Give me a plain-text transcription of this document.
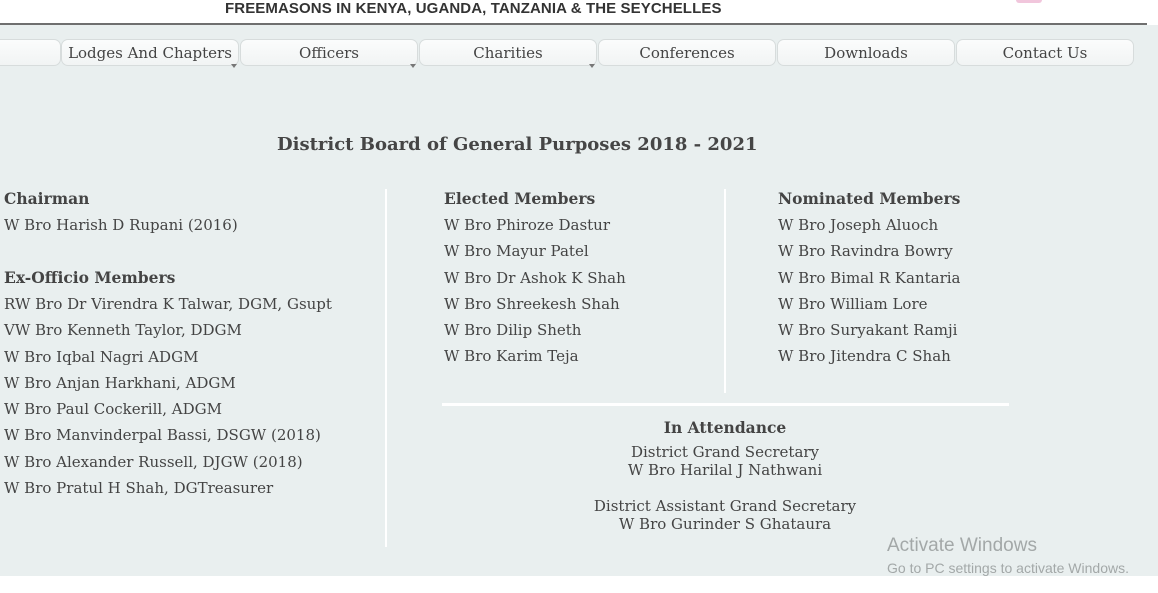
FREEMASONS IN KENYA, UGANDA, TANZANIA & THE SEYCHELLES
Lodges And Chapters	Officers	Charities	Conferences	Downloads	Contact Us
District Board of General Purposes 2018 - 2021
Chairman
W Bro Harish D Rupani (2016)
Ex-Officio Members
RW Bro Dr Virendra K Talwar, DGM, Gsupt
VW Bro Kenneth Taylor, DDGM
W Bro Iqbal Nagri ADGM
W Bro Anjan Harkhani, ADGM
W Bro Paul Cockerill, ADGM
W Bro Manvinderpal Bassi, DSGW (2018)
W Bro Alexander Russell, DJGW (2018)
W Bro Pratul H Shah, DGTreasurer
Elected Members
W Bro Phiroze Dastur
W Bro Mayur Patel
W Bro Dr Ashok K Shah
W Bro Shreekesh Shah
W Bro Dilip Sheth
W Bro Karim Teja
Nominated Members
W Bro Joseph Aluoch
W Bro Ravindra Bowry
W Bro Bimal R Kantaria
W Bro William Lore
W Bro Suryakant Ramji
W Bro Jitendra C Shah
In Attendance
District Grand Secretary
W Bro Harilal J Nathwani
District Assistant Grand Secretary
W Bro Gurinder S Ghataura
Activate Windows
Go to PC settings to activate Windows.
